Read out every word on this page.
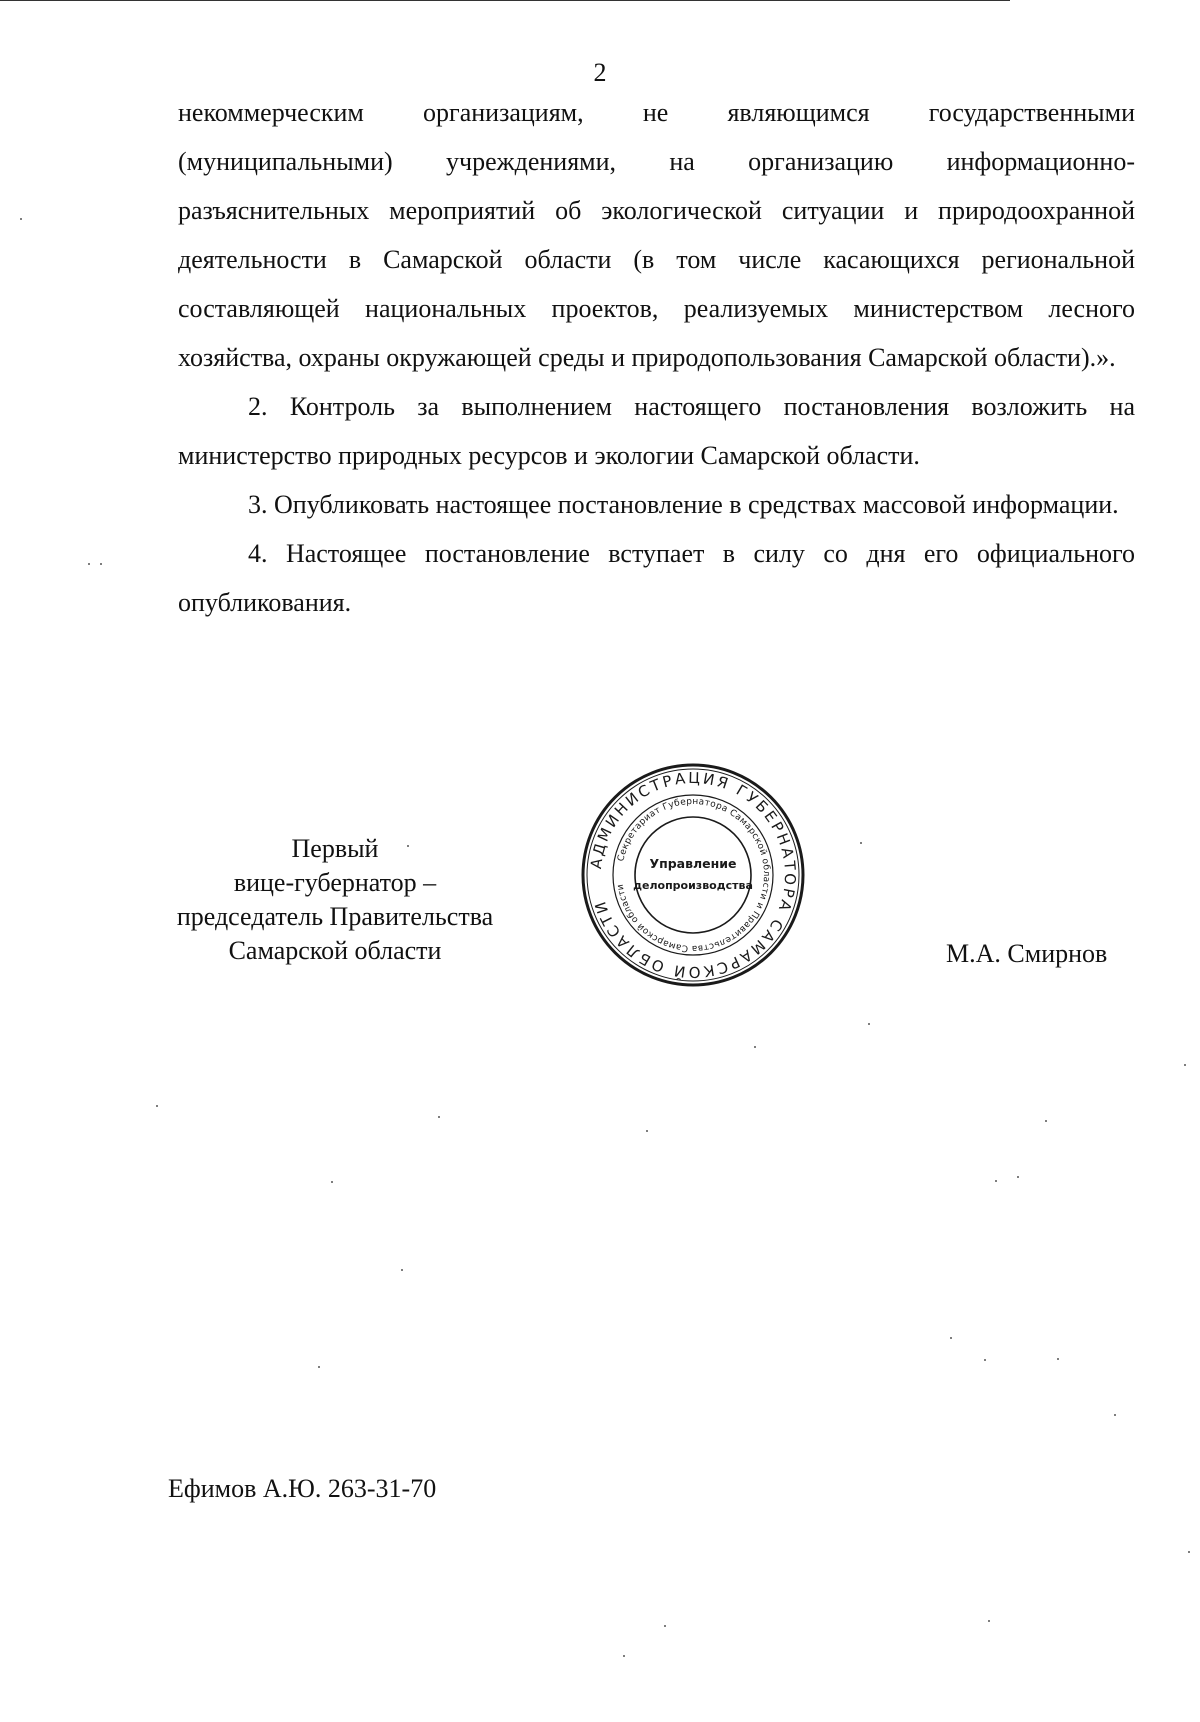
2

некоммерческим организациям, не являющимся государственными (муниципальными) учреждениями, на организацию информационно-разъяснительных мероприятий об экологической ситуации и природоохранной деятельности в Самарской области (в том числе касающихся региональной составляющей национальных проектов, реализуемых министерством лесного хозяйства, охраны окружающей среды и природопользования Самарской области).».

2. Контроль за выполнением настоящего постановления возложить на министерство природных ресурсов и экологии Самарской области.

3. Опубликовать настоящее постановление в средствах массовой информации.

4. Настоящее постановление вступает в силу со дня его официального опубликования.

Первый
вице-губернатор –
председатель Правительства
Самарской области
АДМИНИСТРАЦИЯ ГУБЕРНАТОРА САМАРСКОЙ ОБЛАСТИ
Секретариат Губернатора Самарской области и Правительства Самарской области
Управление
делопроизводства
М.А. Смирнов
Ефимов А.Ю. 263-31-70
